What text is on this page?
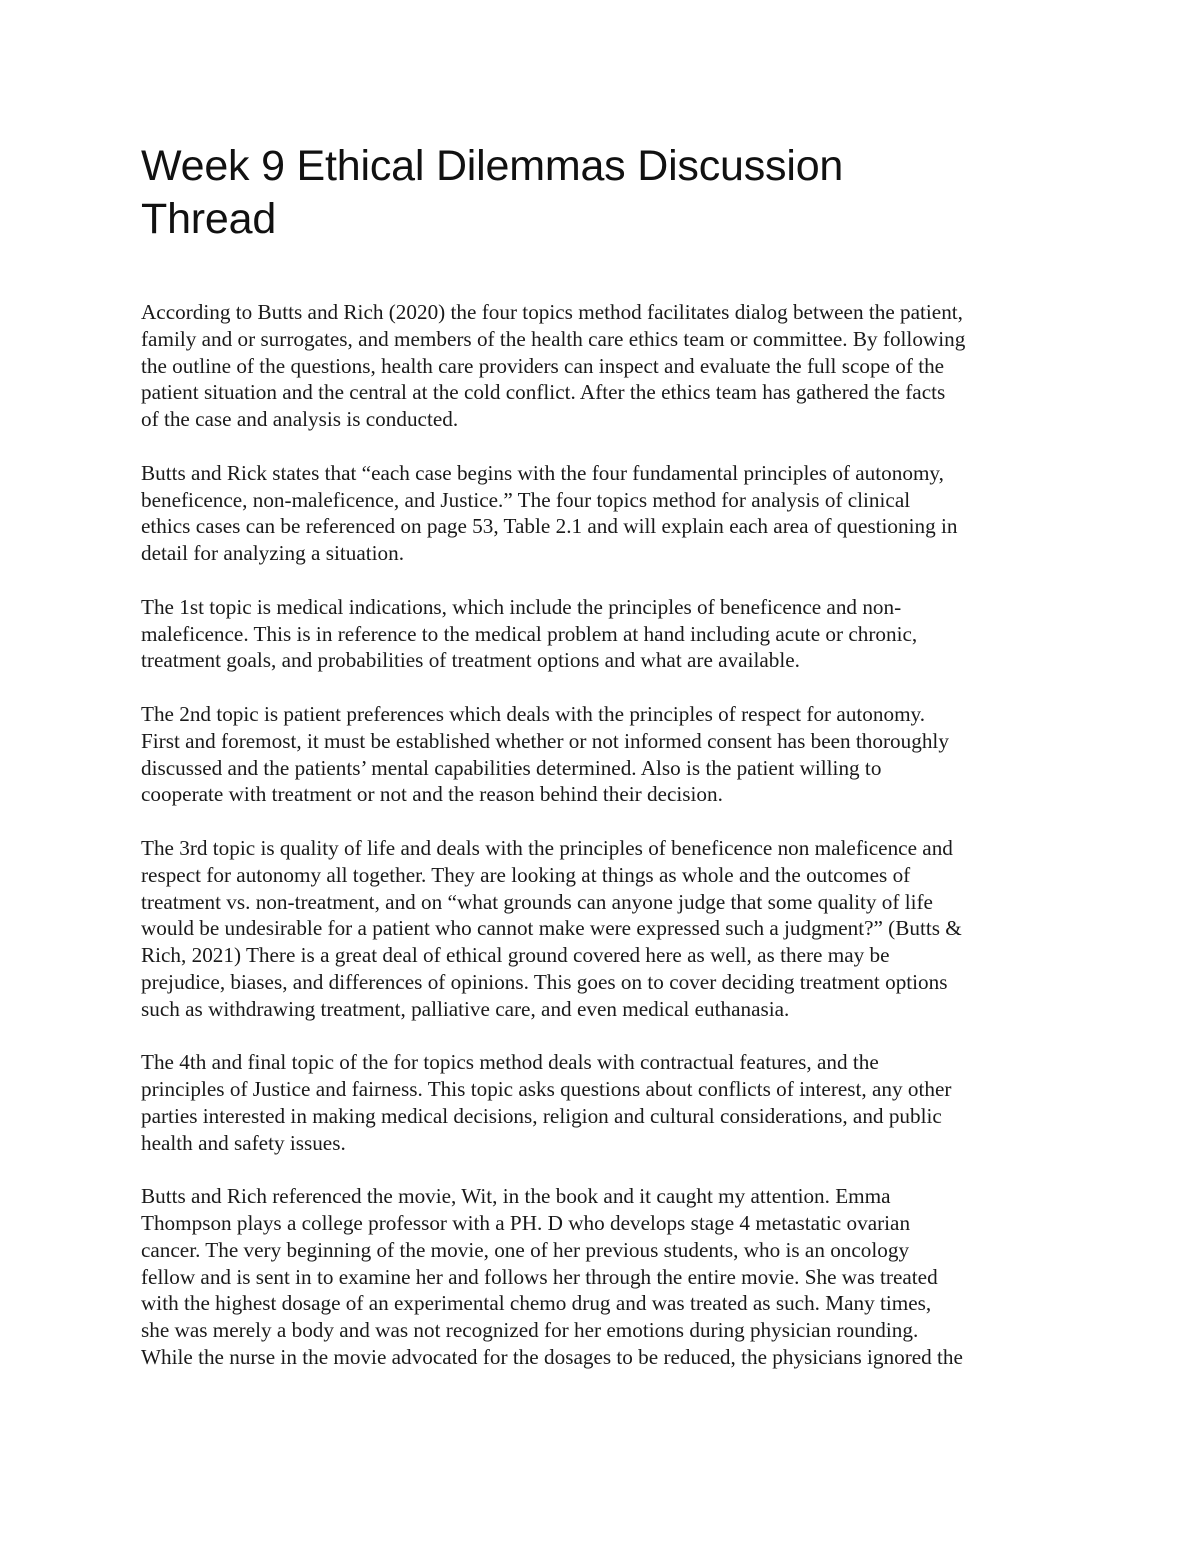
Week 9 Ethical Dilemmas Discussion
Thread

According to Butts and Rich (2020) the four topics method facilitates dialog between the patient,
family and or surrogates, and members of the health care ethics team or committee. By following
the outline of the questions, health care providers can inspect and evaluate the full scope of the
patient situation and the central at the cold conflict. After the ethics team has gathered the facts
of the case and analysis is conducted.

Butts and Rick states that “each case begins with the four fundamental principles of autonomy,
beneficence, non-maleficence, and Justice.” The four topics method for analysis of clinical
ethics cases can be referenced on page 53, Table 2.1 and will explain each area of questioning in
detail for analyzing a situation.

The 1st topic is medical indications, which include the principles of beneficence and non-
maleficence. This is in reference to the medical problem at hand including acute or chronic,
treatment goals, and probabilities of treatment options and what are available.

The 2nd topic is patient preferences which deals with the principles of respect for autonomy.
First and foremost, it must be established whether or not informed consent has been thoroughly
discussed and the patients’ mental capabilities determined. Also is the patient willing to
cooperate with treatment or not and the reason behind their decision.

The 3rd topic is quality of life and deals with the principles of beneficence non maleficence and
respect for autonomy all together. They are looking at things as whole and the outcomes of
treatment vs. non-treatment, and on “what grounds can anyone judge that some quality of life
would be undesirable for a patient who cannot make were expressed such a judgment?” (Butts &
Rich, 2021) There is a great deal of ethical ground covered here as well, as there may be
prejudice, biases, and differences of opinions. This goes on to cover deciding treatment options
such as withdrawing treatment, palliative care, and even medical euthanasia.

The 4th and final topic of the for topics method deals with contractual features, and the
principles of Justice and fairness. This topic asks questions about conflicts of interest, any other
parties interested in making medical decisions, religion and cultural considerations, and public
health and safety issues.

Butts and Rich referenced the movie, Wit, in the book and it caught my attention. Emma
Thompson plays a college professor with a PH. D who develops stage 4 metastatic ovarian
cancer. The very beginning of the movie, one of her previous students, who is an oncology
fellow and is sent in to examine her and follows her through the entire movie. She was treated
with the highest dosage of an experimental chemo drug and was treated as such. Many times,
she was merely a body and was not recognized for her emotions during physician rounding.
While the nurse in the movie advocated for the dosages to be reduced, the physicians ignored the
